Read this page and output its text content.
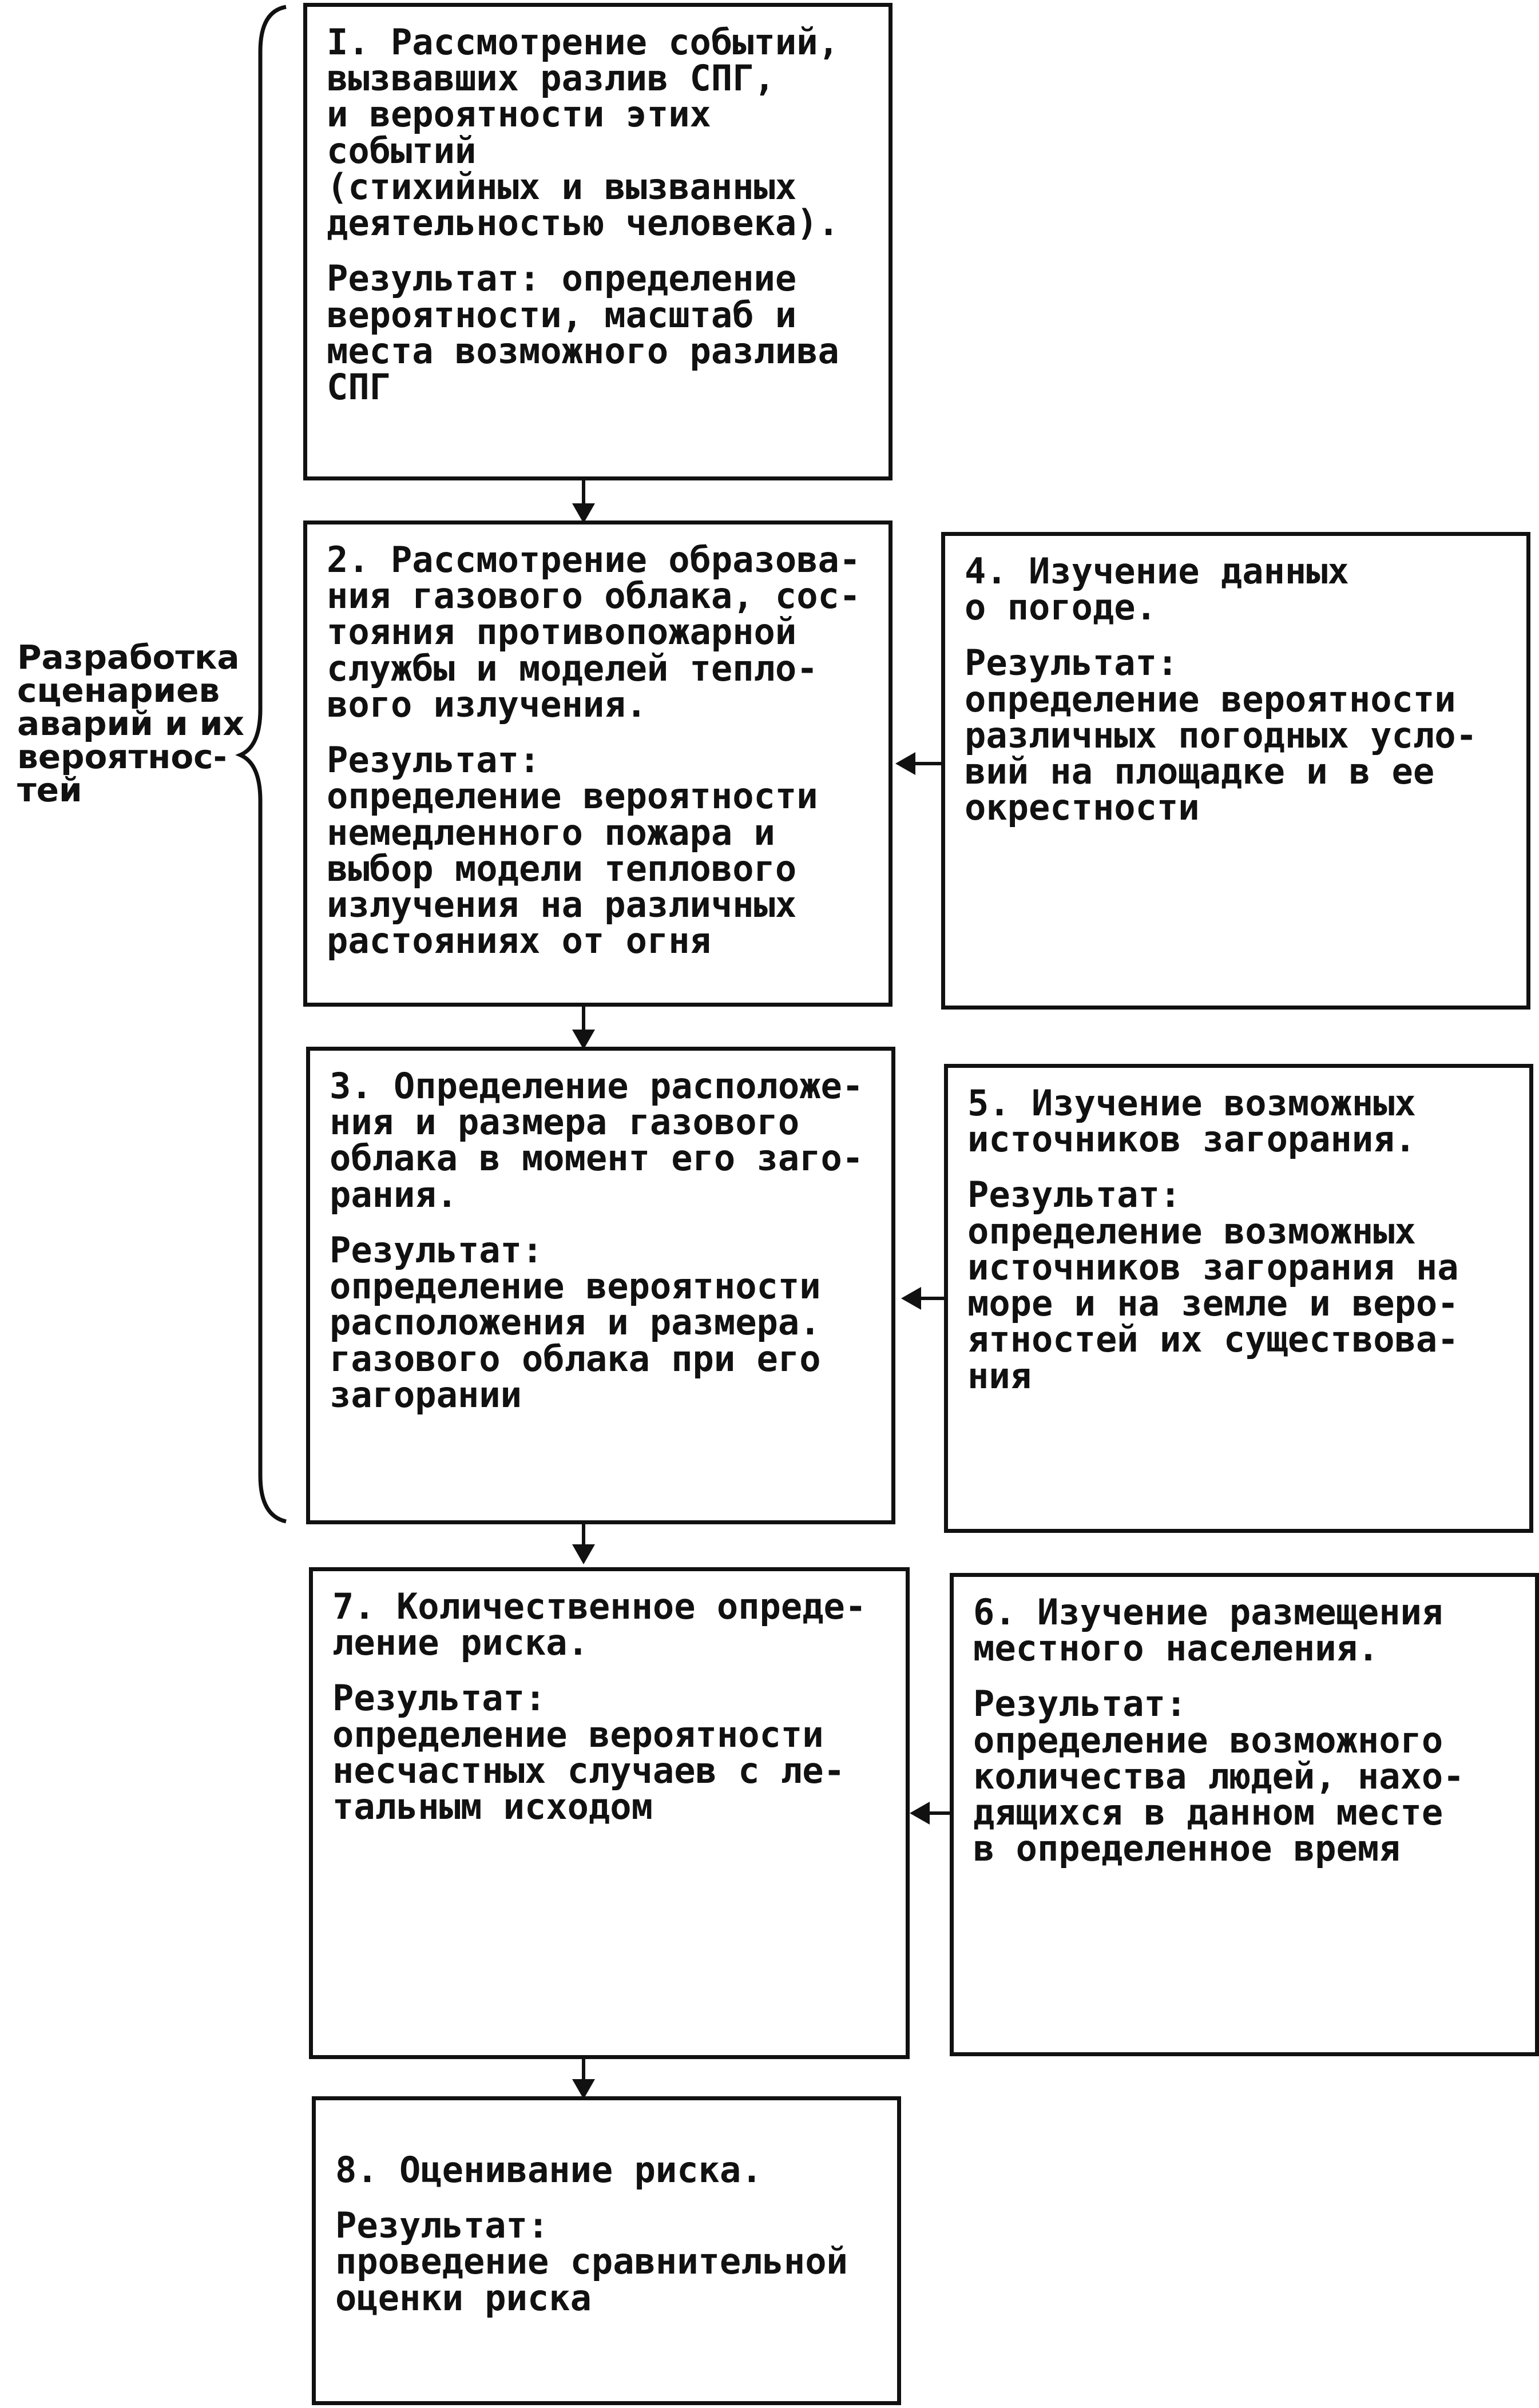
Разработка
сценариев
аварий и их
вероятнос-
тей
I. Рассмотрение событий,
вызвавших разлив СПГ,
и вероятности этих событий
(стихийных и вызванных
деятельностью человека).
Результат: определение
вероятности, масштаб и
места возможного разлива
СПГ
2. Рассмотрение образова-
ния газового облака, сос-
тояния противопожарной
службы и моделей тепло-
вого излучения.
Результат:
определение вероятности
немедленного пожара и
выбор модели теплового
излучения на различных
растояниях от огня
3. Определение расположе-
ния и размера газового
облака в момент его заго-
рания.
Результат:
определение вероятности
расположения и размера.
газового облака при его
загорании
4. Изучение данных
о погоде.
Результат:
определение вероятности
различных погодных усло-
вий на площадке и в ее
окрестности
5. Изучение возможных
источников загорания.
Результат:
определение возможных
источников загорания на
море и на земле и веро-
ятностей их существова-
ния
6. Изучение размещения
местного населения.
Результат:
определение возможного
количества людей, нахо-
дящихся в данном месте
в определенное время
7. Количественное опреде-
ление риска.
Результат:
определение вероятности
несчастных случаев с ле-
тальным исходом
8. Оценивание риска.
Результат:
проведение сравнительной
оценки риска
